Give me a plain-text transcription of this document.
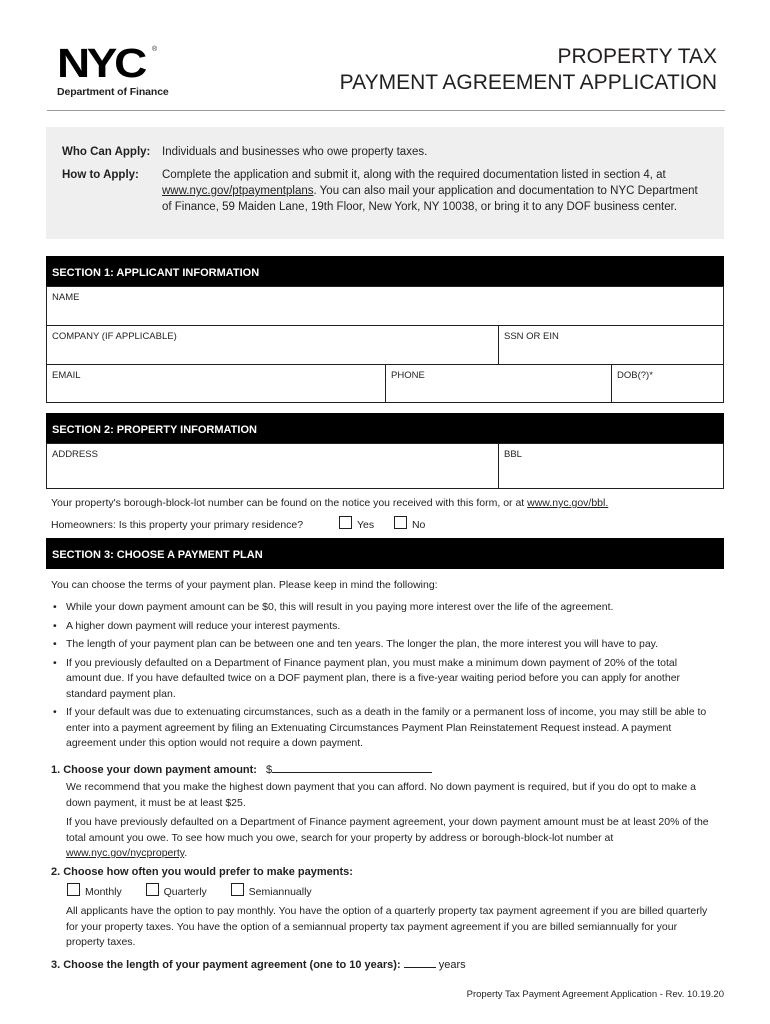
NYC	®
Department of Finance
PROPERTY TAX
PAYMENT AGREEMENT APPLICATION
Who Can Apply:	Individuals and businesses who owe property taxes.
How to Apply:	Complete the application and submit it, along with the required documentation listed in section 4, at www.nyc.gov/ptpaymentplans. You can also mail your application and documentation to NYC Department of Finance, 59 Maiden Lane, 19th Floor, New York, NY 10038, or bring it to any DOF business center.
SECTION 1: APPLICANT INFORMATION
NAME
COMPANY (IF APPLICABLE)	SSN OR EIN
EMAIL	PHONE	DOB(?)*
SECTION 2: PROPERTY INFORMATION
ADDRESS	BBL
Your property's borough-block-lot number can be found on the notice you received with this form, or at www.nyc.gov/bbl.
Homeowners: Is this property your primary residence?	Yes	No
SECTION 3: CHOOSE A PAYMENT PLAN
You can choose the terms of your payment plan. Please keep in mind the following:
• While your down payment amount can be $0, this will result in you paying more interest over the life of the agreement.
• A higher down payment will reduce your interest payments.
• The length of your payment plan can be between one and ten years. The longer the plan, the more interest you will have to pay.
• If you previously defaulted on a Department of Finance payment plan, you must make a minimum down payment of 20% of the total amount due. If you have defaulted twice on a DOF payment plan, there is a five-year waiting period before you can apply for another standard payment plan.
• If your default was due to extenuating circumstances, such as a death in the family or a permanent loss of income, you may still be able to enter into a payment agreement by filing an Extenuating Circumstances Payment Plan Reinstatement Request instead. A payment agreement under this option would not require a down payment.
1. Choose your down payment amount: $
We recommend that you make the highest down payment that you can afford. No down payment is required, but if you do opt to make a down payment, it must be at least $25.
If you have previously defaulted on a Department of Finance payment agreement, your down payment amount must be at least 20% of the total amount you owe. To see how much you owe, search for your property by address or borough-block-lot number at www.nyc.gov/nycproperty.
2. Choose how often you would prefer to make payments:
Monthly	Quarterly	Semiannually
All applicants have the option to pay monthly. You have the option of a quarterly property tax payment agreement if you are billed quarterly for your property taxes. You have the option of a semiannual property tax payment agreement if you are billed semiannually for your property taxes.
3. Choose the length of your payment agreement (one to 10 years):	years
Property Tax Payment Agreement Application - Rev. 10.19.20
